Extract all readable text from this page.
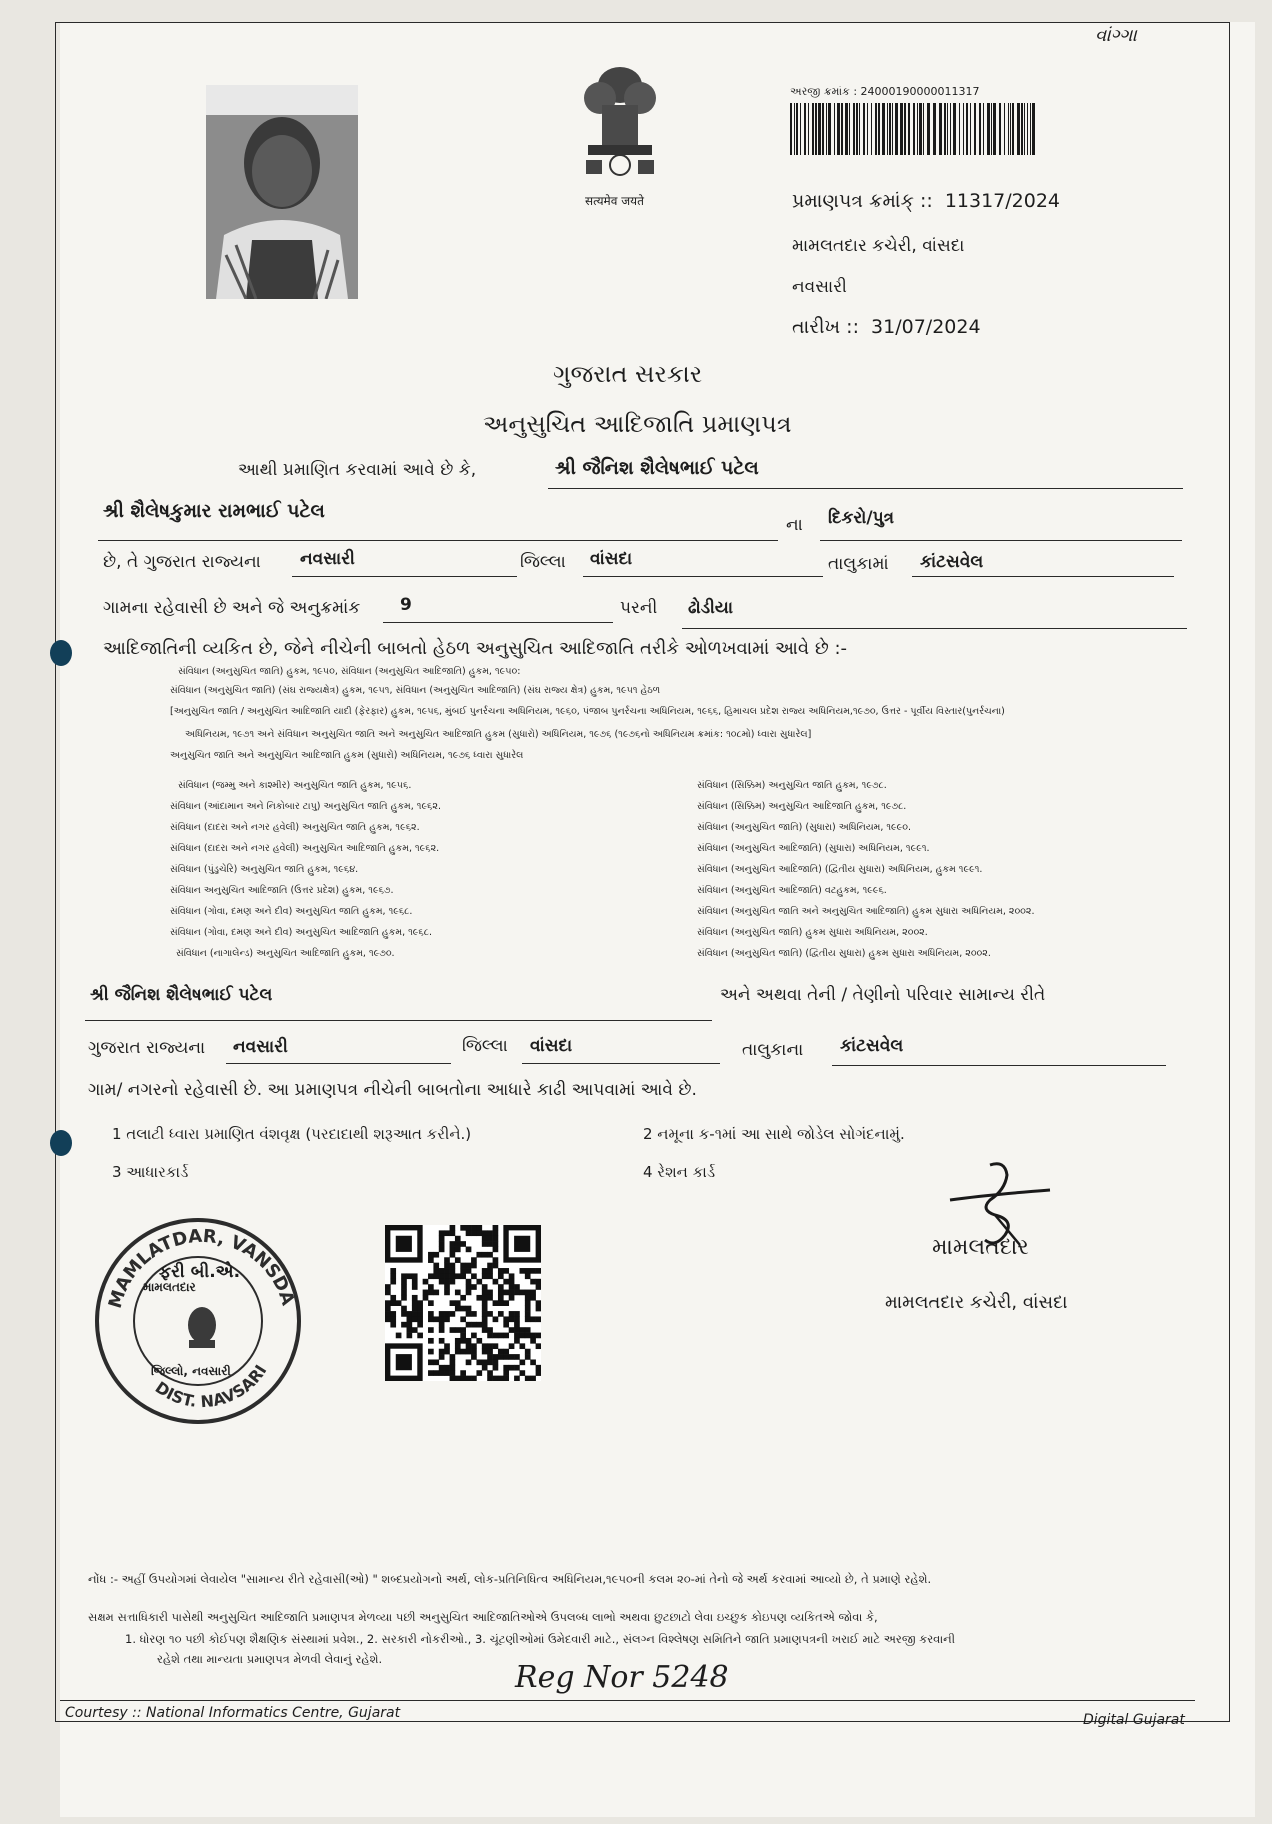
વાંગ્ગા
सत्यमेव जयते
અરજી ક્રમાંક : 24000190000011317
પ્રમાણપત્ર ક્રમાંક્ :: 11317/2024
મામલતદાર કચેરી, વાંસદા
નવસારી
તારીખ :: 31/07/2024
ગુજરાત સરકાર
અનુસુચિત આદિજાતિ પ્રમાણપત્ર
આથી પ્રમાણિત કરવામાં આવે છે કે,	શ્રી જૈનિશ શૈલેષભાઈ પટેલ
શ્રી શૈલેષકુમાર રામભાઈ પટેલ
ના દિકરો/પુત્ર
છે, તે ગુજરાત રાજ્યના નવસારી	જિલ્લા વાંસદા	તાલુકામાં કાંટસવેલ
ગામના રહેવાસી છે અને જે અનુક્રમાંક 9	પરની ઢોડીયા
આદિજાતિની વ્યકિત છે, જેને નીચેની બાબતો હેઠળ અનુસુચિત આદિજાતિ તરીકે ઓળખવામાં આવે છે :-
સંવિધાન (અનુસુચિત જાતિ) હુકમ, ૧૯૫૦, સંવિધાન (અનુસુચિત આદિજાતિ) હુકમ, ૧૯૫૦:
સંવિધાન (અનુસુચિત જાતિ) (સંઘ રાજ્યક્ષેત્ર) હુકમ, ૧૯૫૧, સંવિધાન (અનુસુચિત આદિજાતિ) (સંઘ રાજ્ય ક્ષેત્ર) હુકમ, ૧૯૫૧ હેઠળ
[અનુસુચિત જાતિ / અનુસુચિત આદિજાતિ યાદી (ફેરફાર) હુકમ, ૧૯૫૬, મુંબઈ પુનર્રચના અધિનિયમ, ૧૯૬૦, પંજાબ પુનર્રચના અધિનિયમ, ૧૯૬૬, હિમાચલ પ્રદેશ રાજ્ય અધિનિયમ,૧૯૭૦, ઉત્તર - પૂર્વીય વિસ્તાર(પુનર્રચના)
અધિનિયમ, ૧૯૭૧ અને સંવિધાન અનુસુચિત જાતિ અને અનુસુચિત આદિજાતિ હુકમ (સુધારો) અધિનિયમ, ૧૯૭૬ (૧૯૭૬નો અધિનિયમ ક્રમાંક: ૧૦૮મો) ધ્વારા સુધારેલ]
અનુસુચિત જાતિ અને અનુસુચિત આદિજાતિ હુકમ (સુધારો) અધિનિયમ, ૧૯૭૬ ધ્વારા સુધારેલ
સંવિધાન (જમ્મુ અને કાશ્મીર) અનુસુચિત જાતિ હુકમ, ૧૯૫૬.
સંવિધાન (આંદામાન અને નિકોબાર ટાપુ) અનુસુચિત જાતિ હુકમ, ૧૯૬૨.
સંવિધાન (દાદરા અને નગર હવેલી) અનુસુચિત જાતિ હુકમ, ૧૯૬૨.
સંવિધાન (દાદરા અને નગર હવેલી) અનુસુચિત આદિજાતિ હુકમ, ૧૯૬૨.
સંવિધાન (પુંડુચેરિ) અનુસુચિત જાતિ હુકમ, ૧૯૬૪.
સંવિધાન અનુસુચિત આદિજાતિ (ઉત્તર પ્રદેશ) હુકમ, ૧૯૬૭.
સંવિધાન (ગોવા, દમણ અને દીવ) અનુસુચિત જાતિ હુકમ, ૧૯૬૮.
સંવિધાન (ગોવા, દમણ અને દીવ) અનુસુચિત આદિજાતિ હુકમ, ૧૯૬૮.
સંવિધાન (નાગાલેન્ડ) અનુસુચિત આદિજાતિ હુકમ, ૧૯૭૦.
સંવિધાન (સિક્કિમ) અનુસુચિત જાતિ હુકમ, ૧૯૭૮.
સંવિધાન (સિક્કિમ) અનુસુચિત આદિજાતિ હુકમ, ૧૯૭૮.
સંવિધાન (અનુસુચિત જાતિ) (સુધારા) અધિનિયમ, ૧૯૯૦.
સંવિધાન (અનુસુચિત આદિજાતિ) (સુધારા) અધિનિયમ, ૧૯૯૧.
સંવિધાન (અનુસુચિત આદિજાતિ) (દ્વિતીય સુધારા) અધિનિયમ, હુકમ ૧૯૯૧.
સંવિધાન (અનુસુચિત આદિજાતિ) વટહુકમ, ૧૯૯૬.
સંવિધાન (અનુસુચિત જાતિ અને અનુસુચિત આદિજાતિ) હુકમ સુધારા અધિનિયમ, ૨૦૦૨.
સંવિધાન (અનુસુચિત જાતિ) હુકમ સુધારા અધિનિયમ, ૨૦૦૨.
સંવિધાન (અનુસુચિત જાતિ) (દ્વિતીય સુધારા) હુકમ સુધારા અધિનિયમ, ૨૦૦૨.
શ્રી જૈનિશ શૈલેષભાઈ પટેલ	અને અથવા તેની / તેણીનો પરિવાર સામાન્ય રીતે
ગુજરાત રાજ્યના નવસારી	જિલ્લા વાંસદા	તાલુકાના કાંટસવેલ
ગામ/ નગરનો રહેવાસી છે. આ પ્રમાણપત્ર નીચેની બાબતોના આધારે કાઢી આપવામાં આવે છે.
1 તલાટી ધ્વારા પ્રમાણિત વંશવૃક્ષ (પરદાદાથી શરૂઆત કરીને.)	2 નમૂના ક-૧માં આ સાથે જોડેલ સોગંદનામું.
3 આધારકાર્ડ	4 રેશન કાર્ડ
MAMLATDAR, VANSDA
DIST. NAVSARI
મામલતદાર
જિલ્લો, નવસારી
ફરી બી.એ.
મામલતદાર
મામલતદાર કચેરી, વાંસદા
નોંધ :- અહીં ઉપયોગમાં લેવાયેલ "સામાન્ય રીતે રહેવાસી(ઓ) " શબ્દપ્રયોગનો અર્થ, લોક-પ્રતિનિધિત્વ અધિનિયમ,૧૯૫૦ની કલમ ૨૦-માં તેનો જે અર્થ કરવામાં આવ્યો છે, તે પ્રમાણે રહેશે.
સક્ષમ સત્તાધિકારી પાસેથી અનુસુચિત આદિજાતિ પ્રમાણપત્ર મેળવ્યા પછી અનુસુચિત આદિજાતિઓએ ઉપલબ્ધ લાભો અથવા છુટછાટો લેવા ઇચ્છુક કોઇપણ વ્યકિતએ જોવા કે,
1. ધોરણ ૧૦ પછી કોઈપણ શૈક્ષણિક સંસ્થામાં પ્રવેશ., 2. સરકારી નોકરીઓ., 3. ચૂંટણીઓમાં ઉમેદવારી માટે., સંલગ્ન વિશ્લેષણ સમિતિને જાતિ પ્રમાણપત્રની ખરાઈ માટે અરજી કરવાની
રહેશે તથા માન્યતા પ્રમાણપત્ર મેળવી લેવાનું રહેશે.
Reg Nor 5248
Courtesy :: National Informatics Centre, Gujarat	Digital Gujarat
